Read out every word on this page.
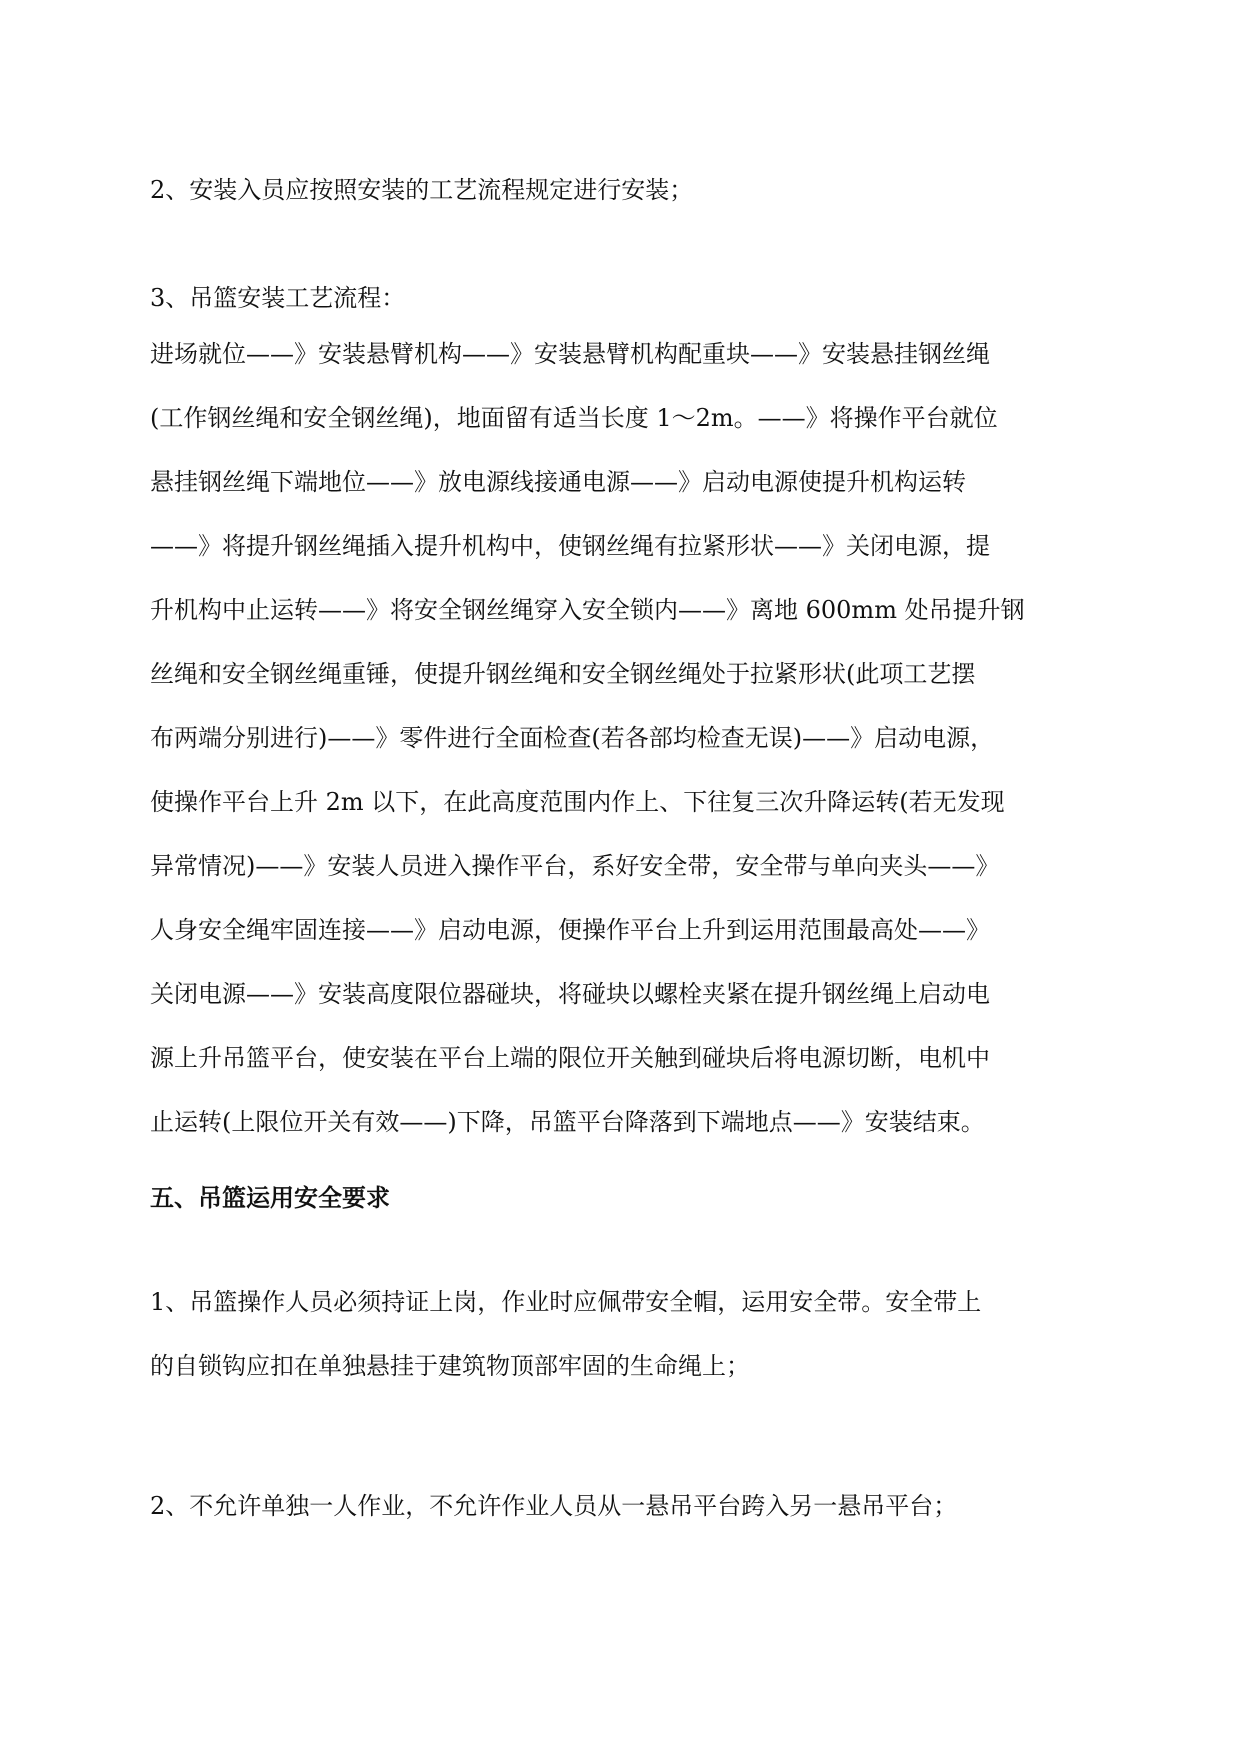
2、安装入员应按照安装的工艺流程规定进行安装；
3、吊篮安装工艺流程：
进场就位——》安装悬臂机构——》安装悬臂机构配重块——》安装悬挂钢丝绳
(工作钢丝绳和安全钢丝绳)，地面留有适当长度 1～2m。——》将操作平台就位
悬挂钢丝绳下端地位——》放电源线接通电源——》启动电源使提升机构运转
——》将提升钢丝绳插入提升机构中，使钢丝绳有拉紧形状——》关闭电源，提
升机构中止运转——》将安全钢丝绳穿入安全锁内——》离地 600mm 处吊提升钢
丝绳和安全钢丝绳重锤，使提升钢丝绳和安全钢丝绳处于拉紧形状(此项工艺摆
布两端分别进行)——》零件进行全面检查(若各部均检查无误)——》启动电源，
使操作平台上升 2m 以下，在此高度范围内作上、下往复三次升降运转(若无发现
异常情况)——》安装人员进入操作平台，系好安全带，安全带与单向夹头——》
人身安全绳牢固连接——》启动电源，便操作平台上升到运用范围最高处——》
关闭电源——》安装高度限位器碰块，将碰块以螺栓夹紧在提升钢丝绳上启动电
源上升吊篮平台，使安装在平台上端的限位开关触到碰块后将电源切断，电机中
止运转(上限位开关有效——)下降，吊篮平台降落到下端地点——》安装结束。
五、吊篮运用安全要求
1、吊篮操作人员必须持证上岗，作业时应佩带安全帽，运用安全带。安全带上
的自锁钩应扣在单独悬挂于建筑物顶部牢固的生命绳上；
2、不允许单独一人作业，不允许作业人员从一悬吊平台跨入另一悬吊平台；
